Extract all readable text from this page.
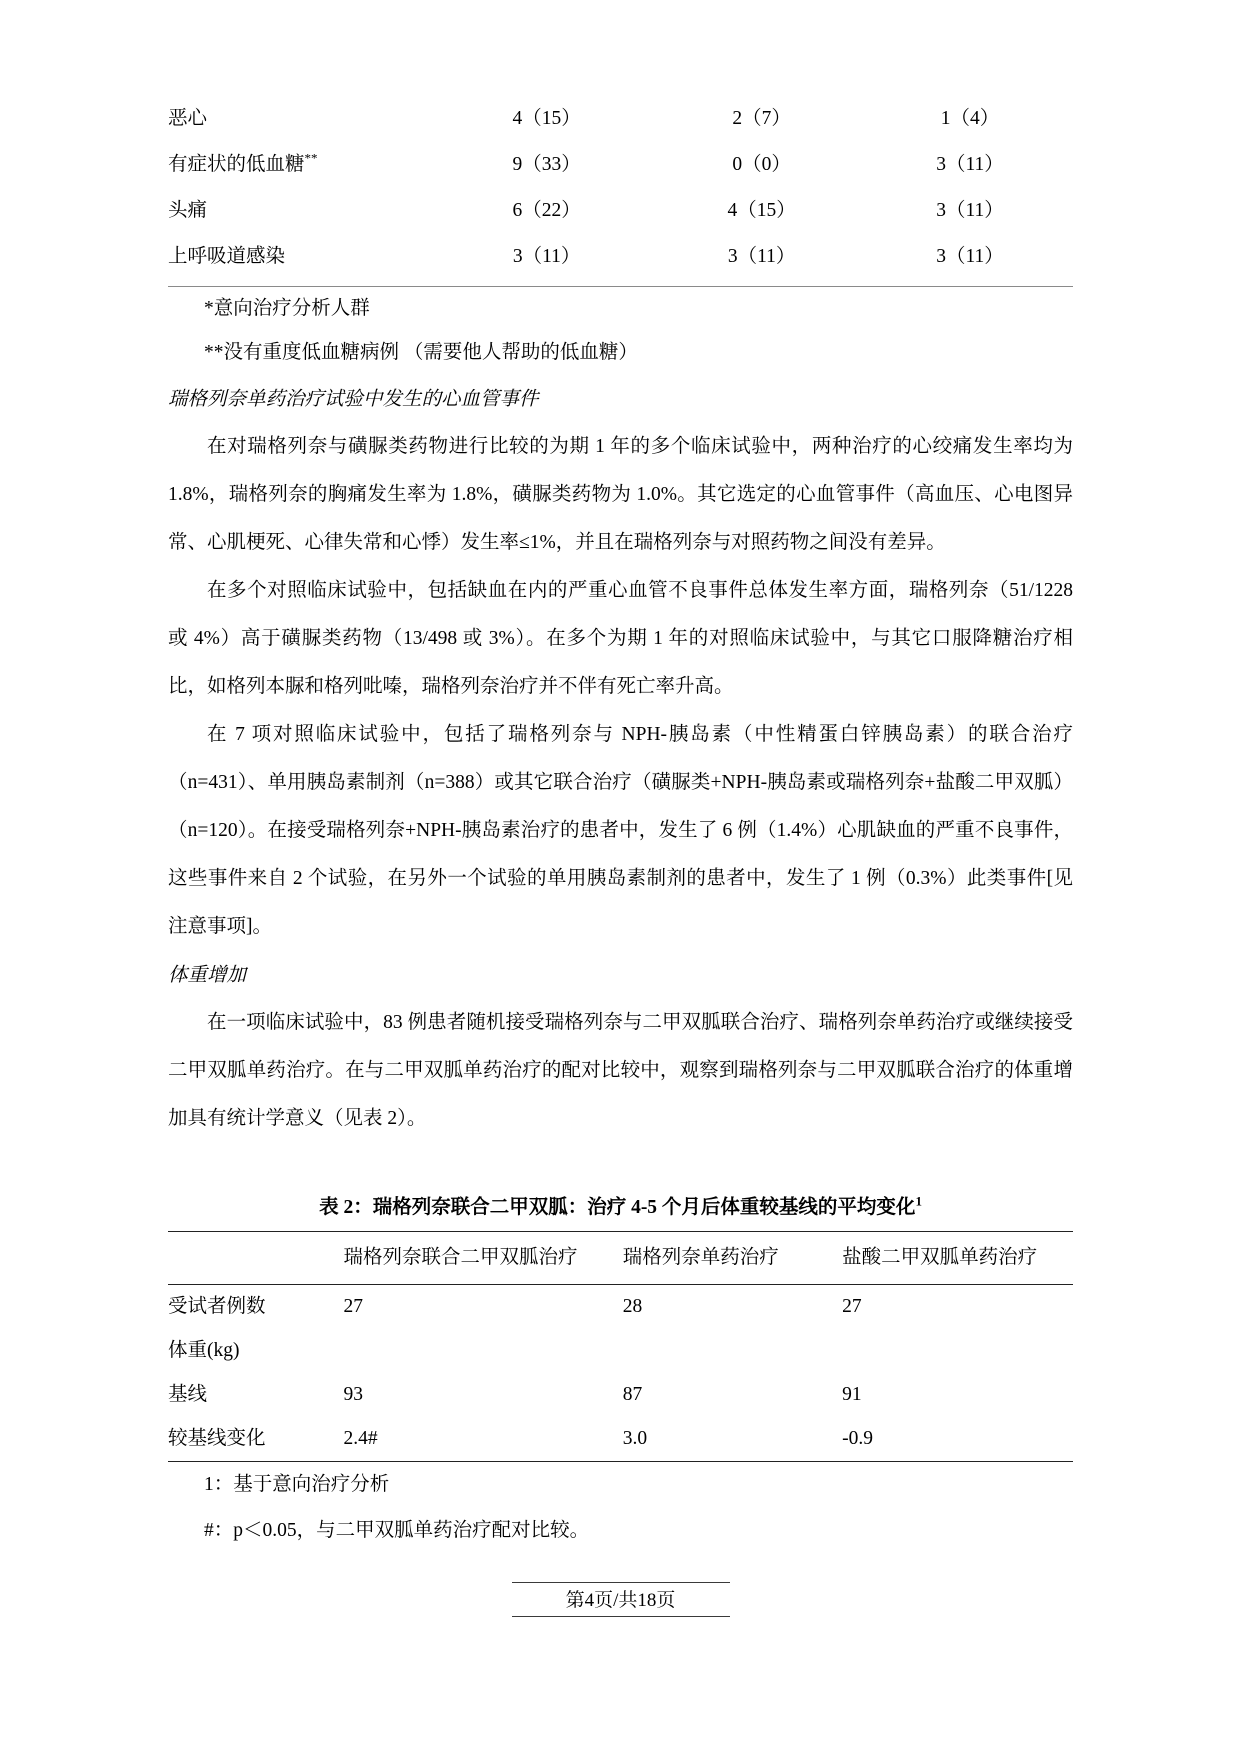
恶心	4（15）	2（7）	1（4）
有症状的低血糖**	9（33）	0（0）	3（11）
头痛	6（22）	4（15）	3（11）
上呼吸道感染	3（11）	3（11）	3（11）
*意向治疗分析人群
**没有重度低血糖病例 （需要他人帮助的低血糖）
瑞格列奈单药治疗试验中发生的心血管事件

在对瑞格列奈与磺脲类药物进行比较的为期 1 年的多个临床试验中，两种治疗的心绞痛发生率均为 1.8%，瑞格列奈的胸痛发生率为 1.8%，磺脲类药物为 1.0%。其它选定的心血管事件（高血压、心电图异常、心肌梗死、心律失常和心悸）发生率≤1%，并且在瑞格列奈与对照药物之间没有差异。

在多个对照临床试验中，包括缺血在内的严重心血管不良事件总体发生率方面，瑞格列奈（51/1228 或 4%）高于磺脲类药物（13/498 或 3%）。在多个为期 1 年的对照临床试验中，与其它口服降糖治疗相比，如格列本脲和格列吡嗪，瑞格列奈治疗并不伴有死亡率升高。

在 7 项对照临床试验中，包括了瑞格列奈与 NPH-胰岛素（中性精蛋白锌胰岛素）的联合治疗（n=431）、单用胰岛素制剂（n=388）或其它联合治疗（磺脲类+NPH-胰岛素或瑞格列奈+盐酸二甲双胍）（n=120）。在接受瑞格列奈+NPH-胰岛素治疗的患者中，发生了 6 例（1.4%）心肌缺血的严重不良事件，这些事件来自 2 个试验，在另外一个试验的单用胰岛素制剂的患者中，发生了 1 例（0.3%）此类事件[见注意事项]。

体重增加

在一项临床试验中，83 例患者随机接受瑞格列奈与二甲双胍联合治疗、瑞格列奈单药治疗或继续接受二甲双胍单药治疗。在与二甲双胍单药治疗的配对比较中，观察到瑞格列奈与二甲双胍联合治疗的体重增加具有统计学意义（见表 2）。

表 2：瑞格列奈联合二甲双胍：治疗 4-5 个月后体重较基线的平均变化$^1$
	瑞格列奈联合二甲双胍治疗	瑞格列奈单药治疗	盐酸二甲双胍单药治疗
受试者例数	27	28	27
体重(kg)			
基线	93	87	91
较基线变化	2.4#	3.0	-0.9
1：基于意向治疗分析
#：p＜0.05，与二甲双胍单药治疗配对比较。
第4页/共18页
